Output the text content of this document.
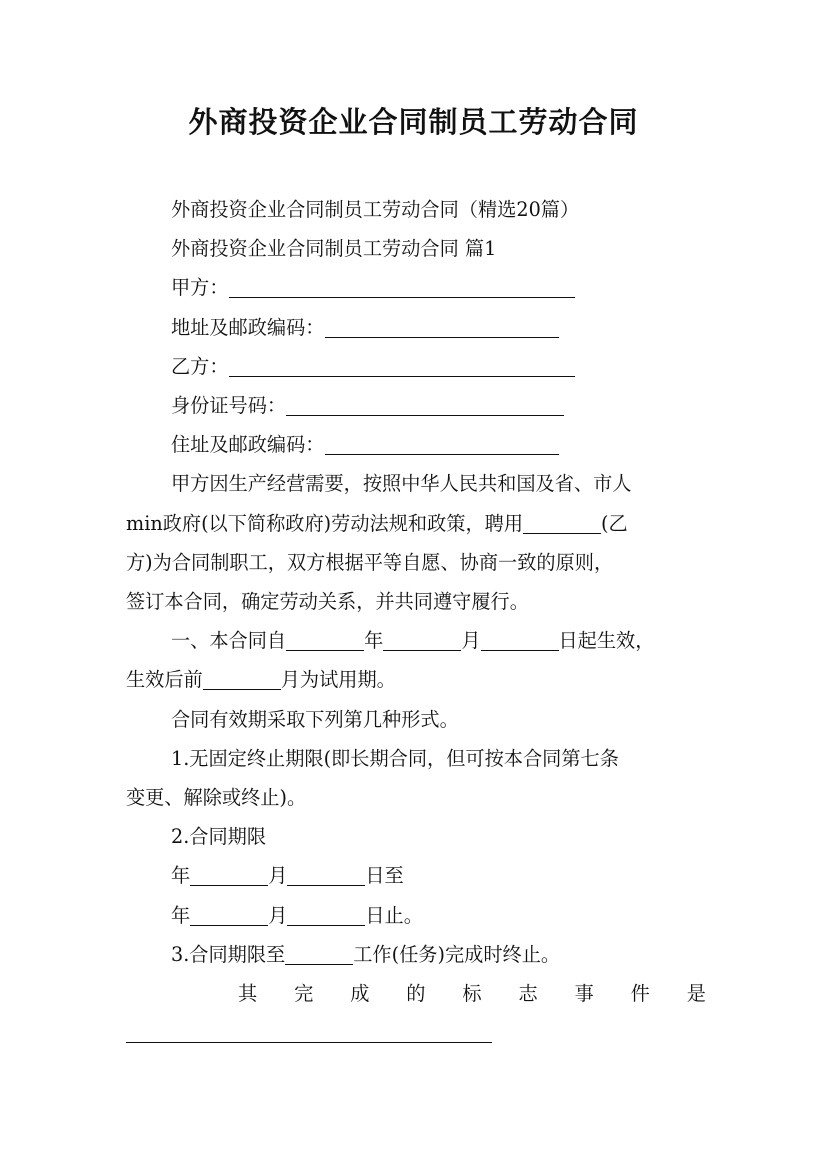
外商投资企业合同制员工劳动合同

外商投资企业合同制员工劳动合同（精选20篇）

外商投资企业合同制员工劳动合同 篇1

甲方：

地址及邮政编码：

乙方：

身份证号码：

住址及邮政编码：

甲方因生产经营需要，按照中华人民共和国及省、市人

min政府(以下简称政府)劳动法规和政策，聘用	(乙

方)为合同制职工，双方根据平等自愿、协商一致的原则，

签订本合同，确定劳动关系，并共同遵守履行。

一、本合同自	年	月	日起生效，

生效后前	月为试用期。

合同有效期采取下列第几种形式。

1.无固定终止期限(即长期合同，但可按本合同第七条

变更、解除或终止)。

2.合同期限

年	月	日至

年	月	日止。

3.合同期限至	工作(任务)完成时终止。

其 完 成 的 标 志 事 件 是
